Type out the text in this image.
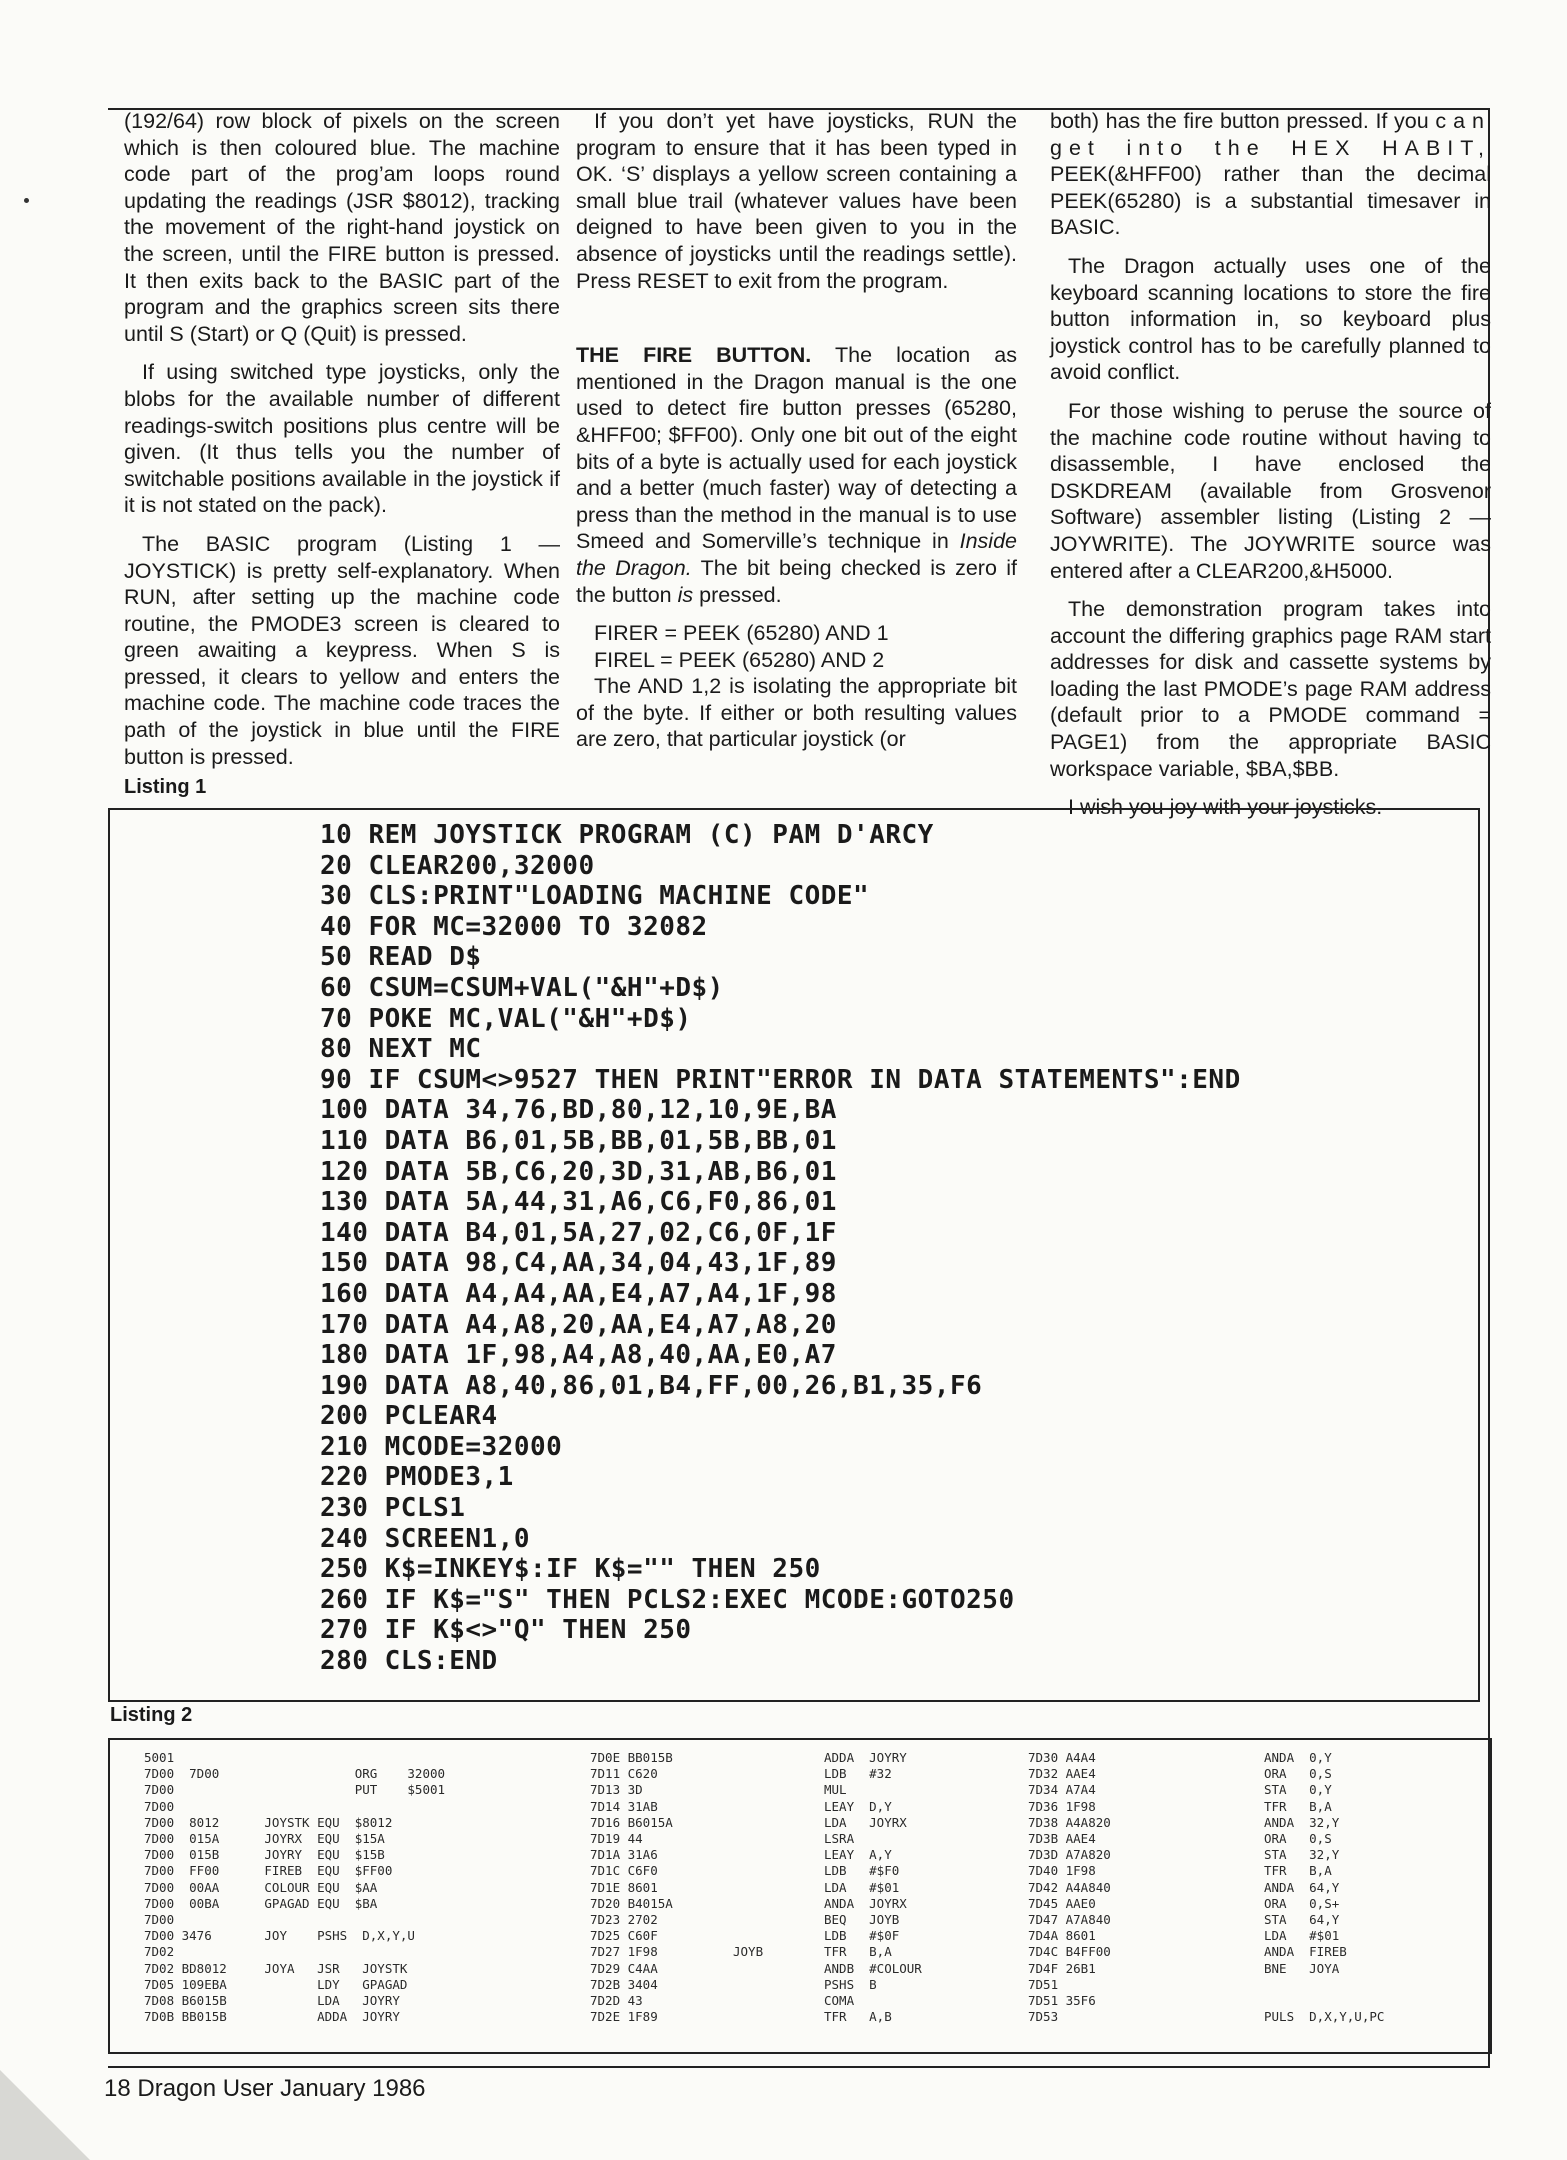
(192/64) row block of pixels on the screen which is then coloured blue. The machine code part of the prog’am loops round updating the readings (JSR $8012), tracking the movement of the right-hand joystick on the screen, until the FIRE button is pressed. It then exits back to the BASIC part of the program and the graphics screen sits there until S (Start) or Q (Quit) is pressed.

If using switched type joysticks, only the blobs for the available number of different readings-switch positions plus centre will be given. (It thus tells you the number of switchable positions available in the joystick if it is not stated on the pack).

The BASIC program (Listing 1 — JOYSTICK) is pretty self-explanatory. When RUN, after setting up the machine code routine, the PMODE3 screen is cleared to green awaiting a keypress. When S is pressed, it clears to yellow and enters the machine code. The machine code traces the path of the joystick in blue until the FIRE button is pressed.

If you don’t yet have joysticks, RUN the program to ensure that it has been typed in OK. ‘S’ displays a yellow screen containing a small blue trail (whatever values have been deigned to have been given to you in the absence of joysticks until the readings settle). Press RESET to exit from the program.

THE FIRE BUTTON. The location as mentioned in the Dragon manual is the one used to detect fire button presses (65280, &HFF00; $FF00). Only one bit out of the eight bits of a byte is actually used for each joystick and a better (much faster) way of detecting a press than the method in the manual is to use Smeed and Somerville’s technique in Inside the Dragon. The bit being checked is zero if the button is pressed.

FIRER = PEEK (65280) AND 1

FIREL = PEEK (65280) AND 2

The AND 1,2 is isolating the appropriate bit of the byte. If either or both resulting values are zero, that particular joystick (or

both) has the fire button pressed. If you can get into the HEX HABIT, PEEK(&HFF00) rather than the decimal PEEK(65280) is a substantial timesaver in BASIC.

The Dragon actually uses one of the keyboard scanning locations to store the fire button information in, so keyboard plus joystick control has to be carefully planned to avoid conflict.

For those wishing to peruse the source of the machine code routine without having to disassemble, I have enclosed the DSKDREAM (available from Grosvenor Software) assembler listing (Listing 2 — JOYWRITE). The JOYWRITE source was entered after a CLEAR200,&H5000.

The demonstration program takes into account the differing graphics page RAM start addresses for disk and cassette systems by loading the last PMODE’s page RAM address (default prior to a PMODE command = PAGE1) from the appropriate BASIC workspace variable, $BA,$BB.

I wish you joy with your joysticks.

Listing 1
10 REM JOYSTICK PROGRAM (C) PAM D'ARCY
20 CLEAR200,32000
30 CLS:PRINT"LOADING MACHINE CODE"
40 FOR MC=32000 TO 32082
50 READ D$
60 CSUM=CSUM+VAL("&H"+D$)
70 POKE MC,VAL("&H"+D$)
80 NEXT MC
90 IF CSUM<>9527 THEN PRINT"ERROR IN DATA STATEMENTS":END
100 DATA 34,76,BD,80,12,10,9E,BA
110 DATA B6,01,5B,BB,01,5B,BB,01
120 DATA 5B,C6,20,3D,31,AB,B6,01
130 DATA 5A,44,31,A6,C6,F0,86,01
140 DATA B4,01,5A,27,02,C6,0F,1F
150 DATA 98,C4,AA,34,04,43,1F,89
160 DATA A4,A4,AA,E4,A7,A4,1F,98
170 DATA A4,A8,20,AA,E4,A7,A8,20
180 DATA 1F,98,A4,A8,40,AA,E0,A7
190 DATA A8,40,86,01,B4,FF,00,26,B1,35,F6
200 PCLEAR4
210 MCODE=32000
220 PMODE3,1
230 PCLS1
240 SCREEN1,0
250 K$=INKEY$:IF K$="" THEN 250
260 IF K$="S" THEN PCLS2:EXEC MCODE:GOTO250
270 IF K$<>"Q" THEN 250
280 CLS:END
Listing 2
5001
7D00  7D00                  ORG    32000
7D00                        PUT    $5001
7D00
7D00  8012      JOYSTK EQU  $8012
7D00  015A      JOYRX  EQU  $15A
7D00  015B      JOYRY  EQU  $15B
7D00  FF00      FIREB  EQU  $FF00
7D00  00AA      COLOUR EQU  $AA
7D00  00BA      GPAGAD EQU  $BA
7D00
7D00 3476       JOY    PSHS  D,X,Y,U
7D02
7D02 BD8012     JOYA   JSR   JOYSTK
7D05 109EBA            LDY   GPAGAD
7D08 B6015B            LDA   JOYRY
7D0B BB015B            ADDA  JOYRY
7D0E BB015B
7D11 C620
7D13 3D
7D14 31AB
7D16 B6015A
7D19 44
7D1A 31A6
7D1C C6F0
7D1E 8601
7D20 B4015A
7D23 2702
7D25 C60F
7D27 1F98          JOYB
7D29 C4AA
7D2B 3404
7D2D 43
7D2E 1F89
ADDA  JOYRY
LDB   #32
MUL
LEAY  D,Y
LDA   JOYRX
LSRA
LEAY  A,Y
LDB   #$F0
LDA   #$01
ANDA  JOYRX
BEQ   JOYB
LDB   #$0F
TFR   B,A
ANDB  #COLOUR
PSHS  B
COMA
TFR   A,B
7D30 A4A4
7D32 AAE4
7D34 A7A4
7D36 1F98
7D38 A4A820
7D3B AAE4
7D3D A7A820
7D40 1F98
7D42 A4A840
7D45 AAE0
7D47 A7A840
7D4A 8601
7D4C B4FF00
7D4F 26B1
7D51
7D51 35F6
7D53
ANDA  0,Y
ORA   0,S
STA   0,Y
TFR   B,A
ANDA  32,Y
ORA   0,S
STA   32,Y
TFR   B,A
ANDA  64,Y
ORA   0,S+
STA   64,Y
LDA   #$01
ANDA  FIREB
BNE   JOYA

PULS  D,X,Y,U,PC
18 Dragon User January 1986
